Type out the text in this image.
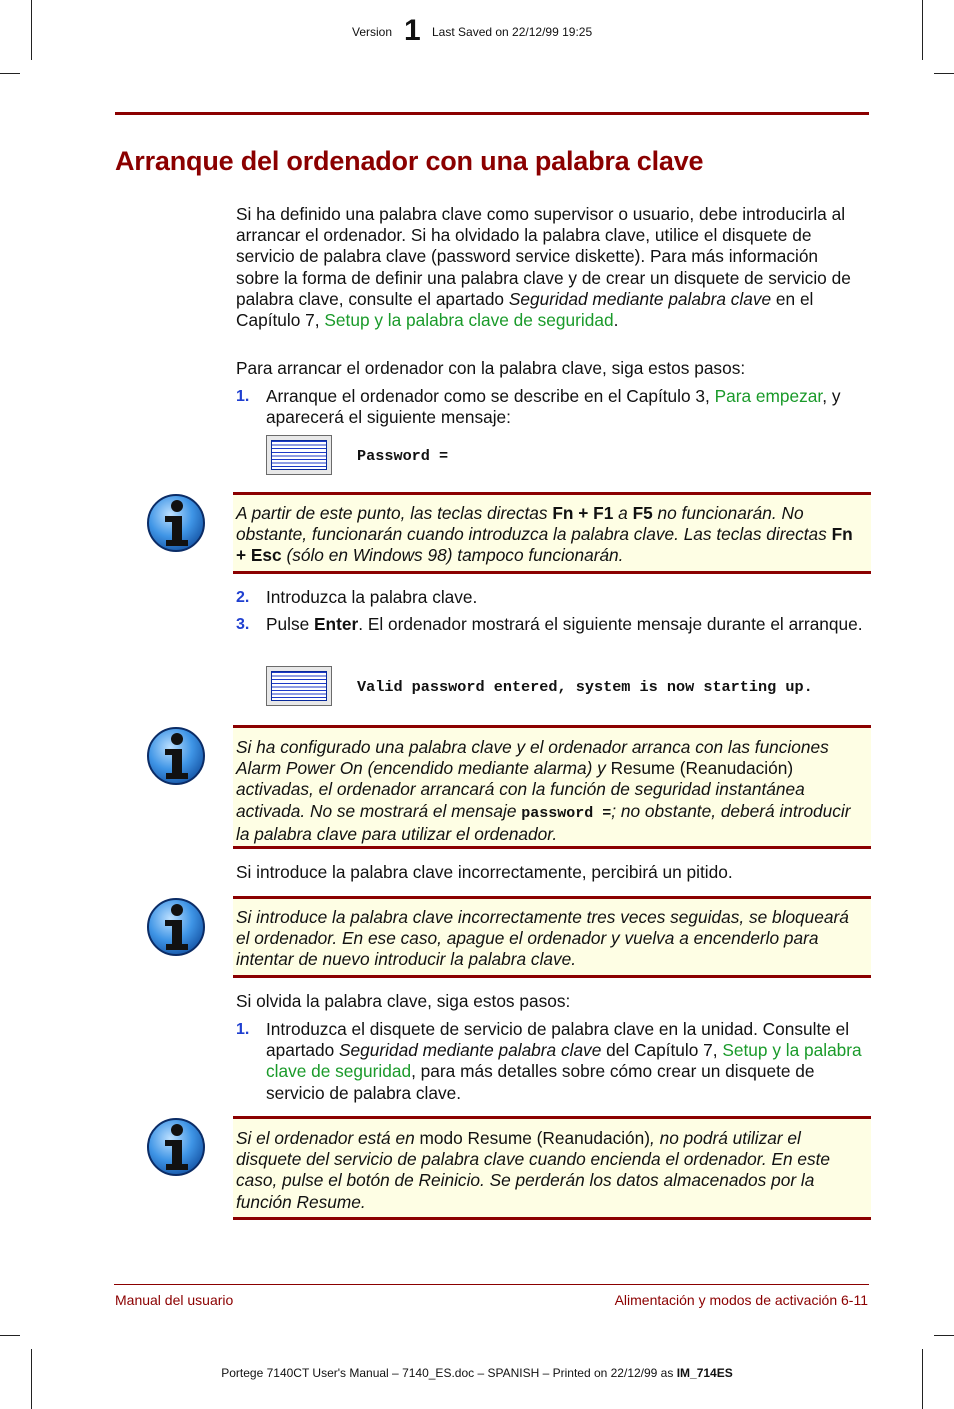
Version 1 Last Saved on 22/12/99 19:25
Arranque del ordenador con una palabra clave

Si ha definido una palabra clave como supervisor o usuario, debe introducirla al arrancar el ordenador. Si ha olvidado la palabra clave, utilice el disquete de servicio de palabra clave (password service diskette). Para más información sobre la forma de definir una palabra clave y de crear un disquete de servicio de palabra clave, consulte el apartado Seguridad mediante palabra clave en el Capítulo 7, Setup y la palabra clave de seguridad.

Para arrancar el ordenador con la palabra clave, siga estos pasos:

1. Arranque el ordenador como se describe en el Capítulo 3, Para empezar, y aparecerá el siguiente mensaje:

Password =

A partir de este punto, las teclas directas Fn + F1 a F5 no funcionarán. No obstante, funcionarán cuando introduzca la palabra clave. Las teclas directas Fn + Esc (sólo en Windows 98) tampoco funcionarán.

2. Introduzca la palabra clave.

3. Pulse Enter. El ordenador mostrará el siguiente mensaje durante el arranque.

Valid password entered, system is now starting up.

Si ha configurado una palabra clave y el ordenador arranca con las funciones Alarm Power On (encendido mediante alarma) y Resume (Reanudación) activadas, el ordenador arrancará con la función de seguridad instantánea activada. No se mostrará el mensaje password =; no obstante, deberá introducir la palabra clave para utilizar el ordenador.

Si introduce la palabra clave incorrectamente, percibirá un pitido.

Si introduce la palabra clave incorrectamente tres veces seguidas, se bloqueará el ordenador. En ese caso, apague el ordenador y vuelva a encenderlo para intentar de nuevo introducir la palabra clave.

Si olvida la palabra clave, siga estos pasos:

1. Introduzca el disquete de servicio de palabra clave en la unidad. Consulte el apartado Seguridad mediante palabra clave del Capítulo 7, Setup y la palabra clave de seguridad, para más detalles sobre cómo crear un disquete de servicio de palabra clave.

Si el ordenador está en modo Resume (Reanudación), no podrá utilizar el disquete del servicio de palabra clave cuando encienda el ordenador. En este caso, pulse el botón de Reinicio. Se perderán los datos almacenados por la función Resume.

Manual del usuario	Alimentación y modos de activación 6-11
Portege 7140CT User's Manual – 7140_ES.doc – SPANISH – Printed on 22/12/99 as IM_714ES
